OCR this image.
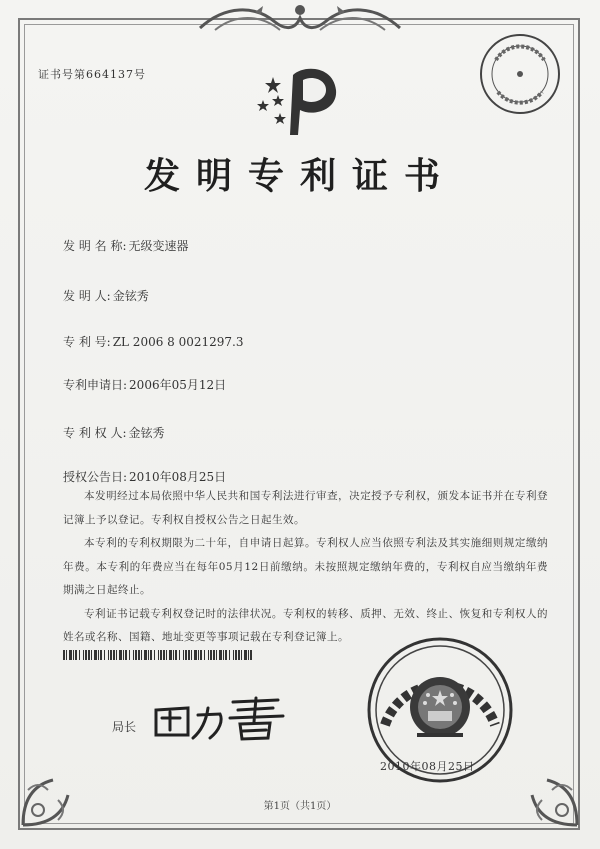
证书号第664137号
发明专利证书
发 明 名 称: 无级变速器
发 明 人: 金铉秀
专 利 号: ZL 2006 8 0021297.3
专利申请日: 2006年05月12日
专 利 权 人: 金铉秀
授权公告日: 2010年08月25日

本发明经过本局依照中华人民共和国专利法进行审查，决定授予专利权，颁发本证书并在专利登记簿上予以登记。专利权自授权公告之日起生效。

本专利的专利权期限为二十年，自申请日起算。专利权人应当依照专利法及其实施细则规定缴纳年费。本专利的年费应当在每年05月12日前缴纳。未按照规定缴纳年费的，专利权自应当缴纳年费期满之日起终止。

专利证书记载专利权登记时的法律状况。专利权的转移、质押、无效、终止、恢复和专利权人的姓名或名称、国籍、地址变更等事项记载在专利登记簿上。

局长
2010年08月25日
第1页（共1页）
